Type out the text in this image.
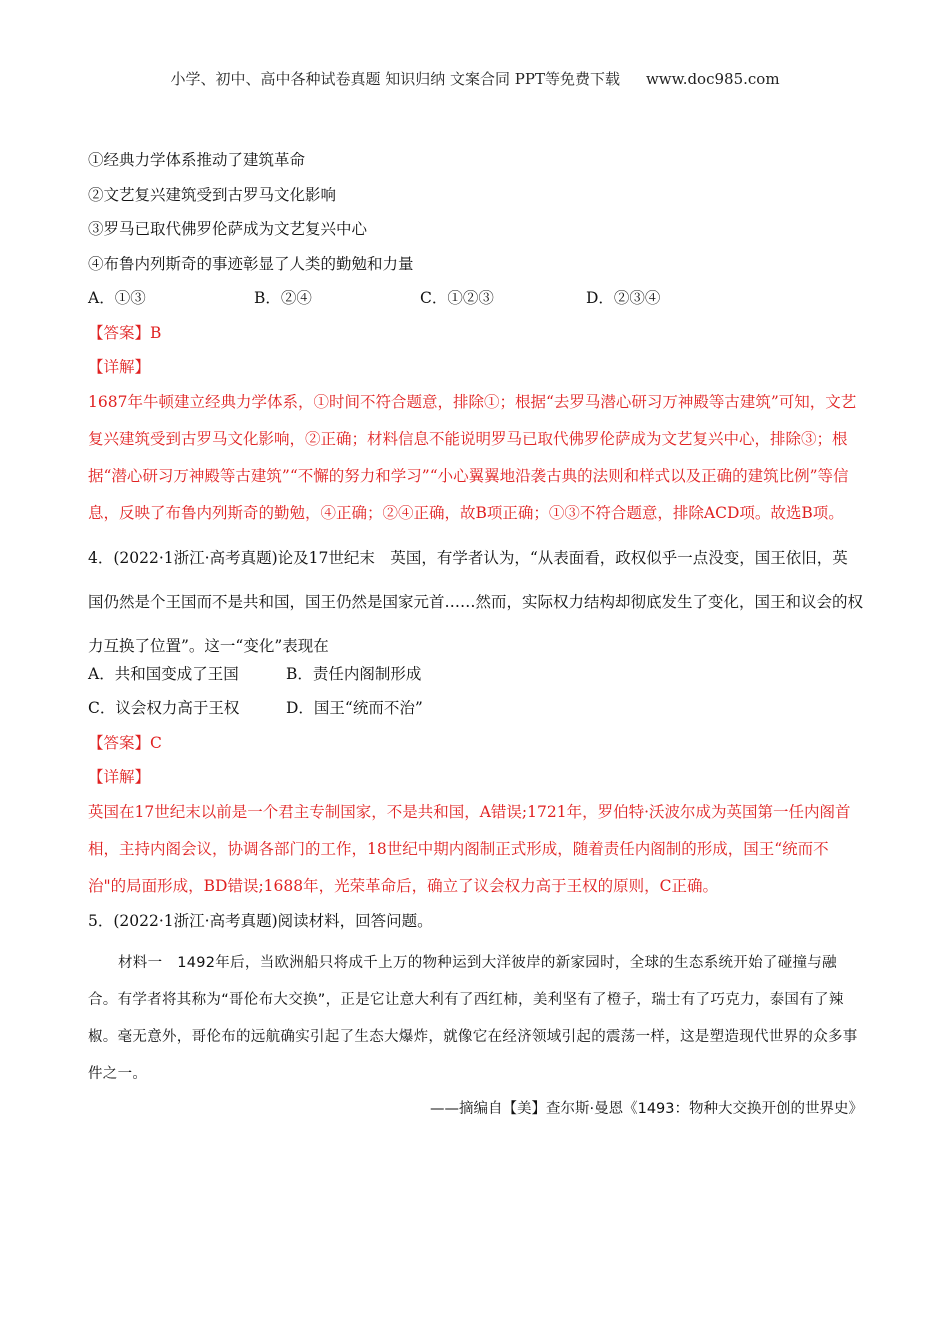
小学、初中、高中各种试卷真题 知识归纳 文案合同 PPT等免费下载 www.doc985.com
①经典力学体系推动了建筑革命
②文艺复兴建筑受到古罗马文化影响
③罗马已取代佛罗伦萨成为文艺复兴中心
④布鲁内列斯奇的事迹彰显了人类的勤勉和力量
A．①③	B．②④	C．①②③	D．②③④
【答案】B
【详解】

1687年牛顿建立经典力学体系，①时间不符合题意，排除①；根据“去罗马潜心研习万神殿等古建筑”可知，文艺复兴建筑受到古罗马文化影响，②正确；材料信息不能说明罗马已取代佛罗伦萨成为文艺复兴中心，排除③；根据“潜心研习万神殿等古建筑”“不懈的努力和学习”“小心翼翼地沿袭古典的法则和样式以及正确的建筑比例”等信息，反映了布鲁内列斯奇的勤勉，④正确；②④正确，故B项正确；①③不符合题意，排除ACD项。故选B项。

4．(2022·1浙江·高考真题)论及17世纪末　英国，有学者认为，“从表面看，政权似乎一点没变，国王依旧，英国仍然是个王国而不是共和国，国王仍然是国家元首……然而，实际权力结构却彻底发生了变化，国王和议会的权力互换了位置”。这一“变化”表现在

A．共和国变成了王国	B．责任内阁制形成
C．议会权力高于王权	D．国王“统而不治”
【答案】C
【详解】

英国在17世纪末以前是一个君主专制国家，不是共和国，A错误;1721年，罗伯特·沃波尔成为英国第一任内阁首相，主持内阁会议，协调各部门的工作，18世纪中期内阁制正式形成，随着责任内阁制的形成，国王“统而不治"的局面形成，BD错误;1688年，光荣革命后，确立了议会权力高于王权的原则，C正确。

5．(2022·1浙江·高考真题)阅读材料，回答问题。

材料一　1492年后，当欧洲船只将成千上万的物种运到大洋彼岸的新家园时，全球的生态系统开始了碰撞与融合。有学者将其称为“哥伦布大交换”，正是它让意大利有了西红柿，美利坚有了橙子，瑞士有了巧克力，泰国有了辣椒。毫无意外，哥伦布的远航确实引起了生态大爆炸，就像它在经济领域引起的震荡一样，这是塑造现代世界的众多事件之一。

——摘编自【美】查尔斯·曼恩《1493：物种大交换开创的世界史》
